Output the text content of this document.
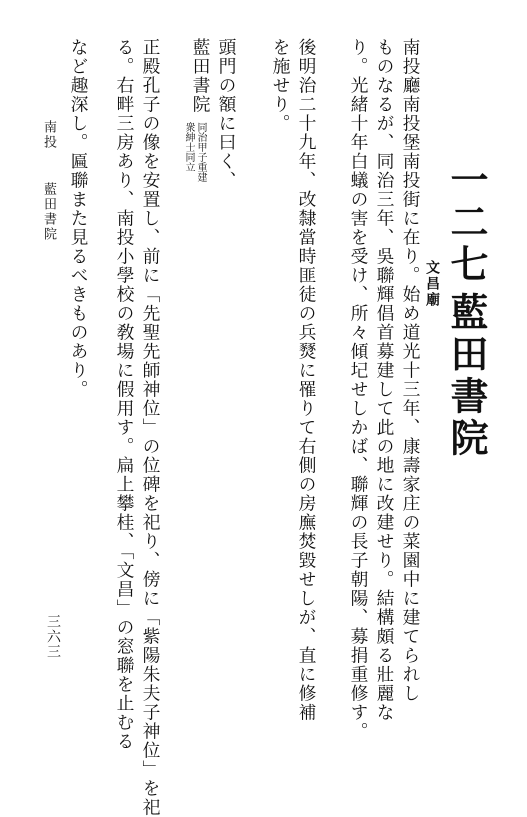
一二七
藍田書院
文昌廟
南投廳南投堡南投街に在り。始め道光十三年、康壽家庄の菜園中に建てられし
ものなるが、同治三年、吳聯輝倡首募建して此の地に改建せり。結構頗る壯麗な
り。光緒十年白蟻の害を受け、所々傾圮せしかば、聯輝の長子朝陽、募捐重修す。
後明治二十九年、改隸當時匪徒の兵燹に罹りて右側の房廡焚毀せしが、直に修補
を施せり。
頭門の額に曰く、
藍田書院
同治甲子重建
衆紳士同立
正殿孔子の像を安置し、前に「先聖先師神位」の位碑を祀り、傍に「紫陽朱夫子神位」を祀
る。右畔三房あり、南投小學校の敎場に假用す。扁上攀桂、「文昌」の窓聯を止むる
など趣深し。匾聯また見るべきものあり。
南投
藍田書院
三六三
